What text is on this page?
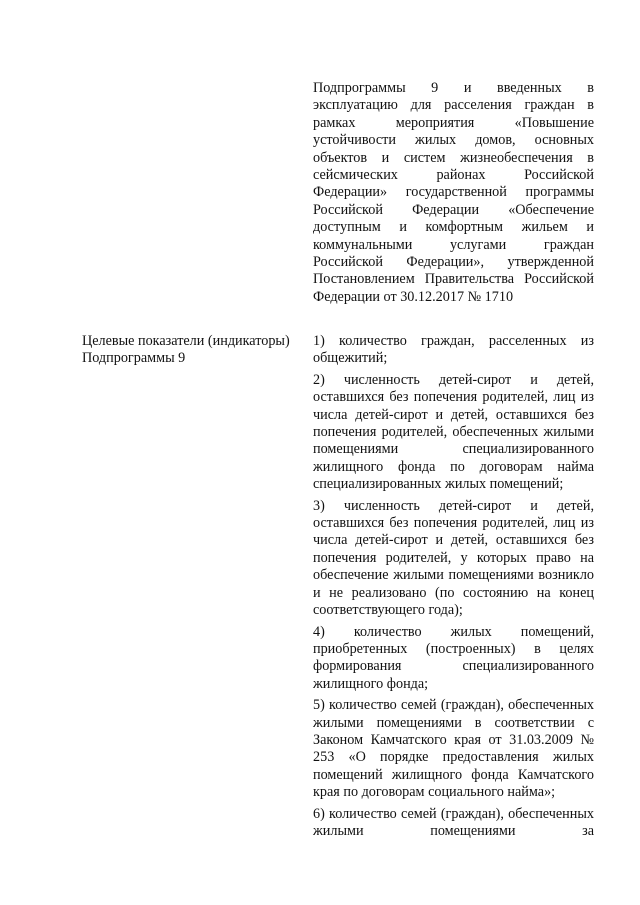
Подпрограммы 9 и введенных в эксплуатацию для расселения граждан в рамках мероприятия «Повышение устойчивости жилых домов, основных объектов и систем жизнеобеспечения в сейсмических районах Российской Федерации» государственной программы Российской Федерации «Обеспечение доступным и комфортным жильем и коммунальными услугами граждан Российской Федерации», утвержденной Постановлением Правительства Российской Федерации от 30.12.2017 № 1710

Целевые показатели (индикаторы) Подпрограммы 9

1) количество граждан, расселенных из общежитий;

2) численность детей-сирот и детей, оставшихся без попечения родителей, лиц из числа детей-сирот и детей, оставшихся без попечения родителей, обеспеченных жилыми помещениями специализированного жилищного фонда по договорам найма специализированных жилых помещений;

3) численность детей-сирот и детей, оставшихся без попечения родителей, лиц из числа детей-сирот и детей, оставшихся без попечения родителей, у которых право на обеспечение жилыми помещениями возникло и не реализовано (по состоянию на конец соответствующего года);

4) количество жилых помещений, приобретенных (построенных) в целях формирования специализированного жилищного фонда;

5) количество семей (граждан), обеспеченных жилыми помещениями в соответствии с Законом Камчатского края от 31.03.2009 № 253 «О порядке предоставления жилых помещений жилищного фонда Камчатского края по договорам социального найма»;

6) количество семей (граждан), обеспеченных жилыми помещениями за
